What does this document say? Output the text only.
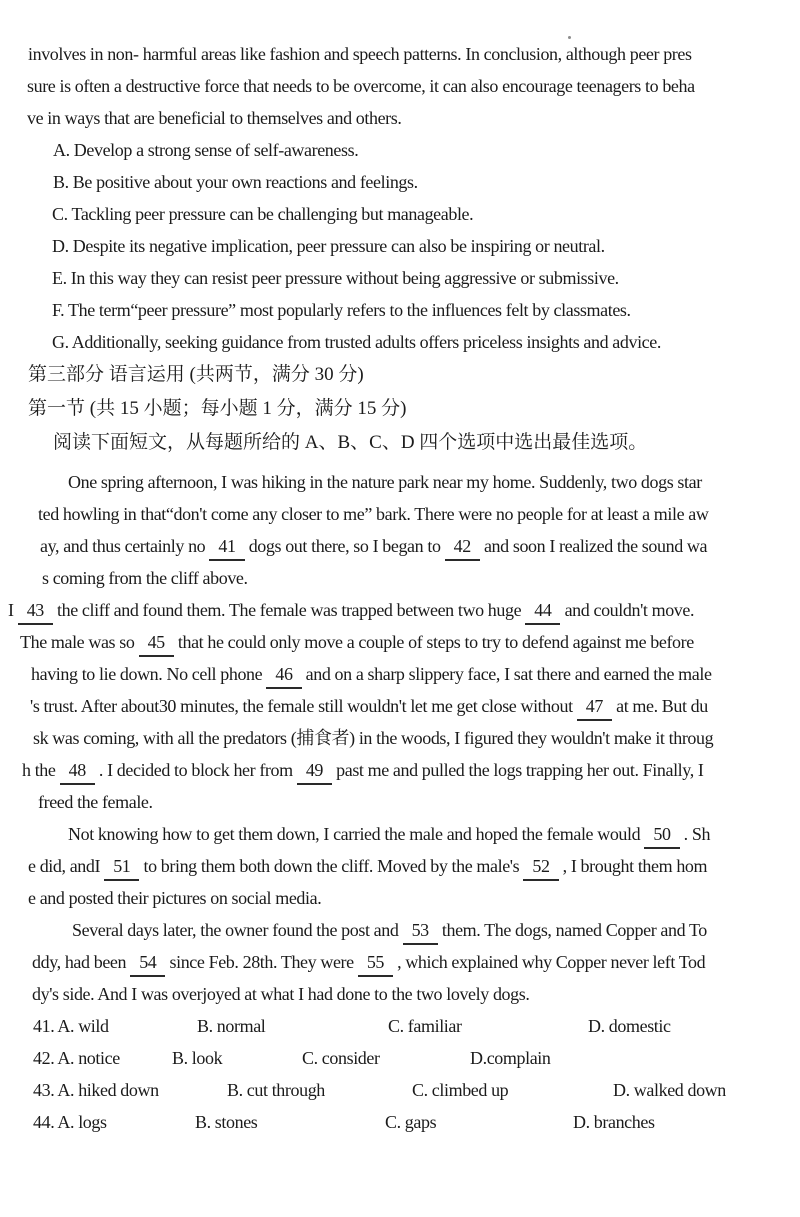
involves in non- harmful areas like fashion and speech patterns. In conclusion, although peer pres
sure is often a destructive force that needs to be overcome, it can also encourage teenagers to beha
ve in ways that are beneficial to themselves and others.
A. Develop a strong sense of self-awareness.
B. Be positive about your own reactions and feelings.
C. Tackling peer pressure can be challenging but manageable.
D. Despite its negative implication, peer pressure can also be inspiring or neutral.
E. In this way they can resist peer pressure without being aggressive or submissive.
F. The term“peer pressure” most popularly refers to the influences felt by classmates.
G. Additionally, seeking guidance from trusted adults offers priceless insights and advice.
第三部分 语言运用 (共两节，满分 30 分)
第一节 (共 15 小题；每小题 1 分，满分 15 分)
阅读下面短文，从每题所给的 A、B、C、D 四个选项中选出最佳选项。
One spring afternoon, I was hiking in the nature park near my home. Suddenly, two dogs star
ted howling in that“don't come any closer to me” bark. There were no people for at least a mile aw
ay, and thus certainly no 41 dogs out there, so I began to 42 and soon I realized the sound wa
s coming from the cliff above.
I 43 the cliff and found them. The female was trapped between two huge 44 and couldn't move.
The male was so 45 that he could only move a couple of steps to try to defend against me before
having to lie down. No cell phone 46 and on a sharp slippery face, I sat there and earned the male
's trust. After about30 minutes, the female still wouldn't let me get close without 47 at me. But du
sk was coming, with all the predators (捕食者) in the woods, I figured they wouldn't make it throug
h the 48 . I decided to block her from 49 past me and pulled the logs trapping her out. Finally, I
freed the female.
Not knowing how to get them down, I carried the male and hoped the female would 50 . Sh
e did, andI 51 to bring them both down the cliff. Moved by the male's 52 , I brought them hom
e and posted their pictures on social media.
Several days later, the owner found the post and 53 them. The dogs, named Copper and To
ddy, had been 54 since Feb. 28th. They were 55 , which explained why Copper never left Tod
dy's side. And I was overjoyed at what I had done to the two lovely dogs.
41. A. wild	B. normal	C. familiar	D. domestic
42. A. notice	B. look	C. consider	D.complain
43. A. hiked down	B. cut through	C. climbed up	D. walked down
44. A. logs	B. stones	C. gaps	D. branches
